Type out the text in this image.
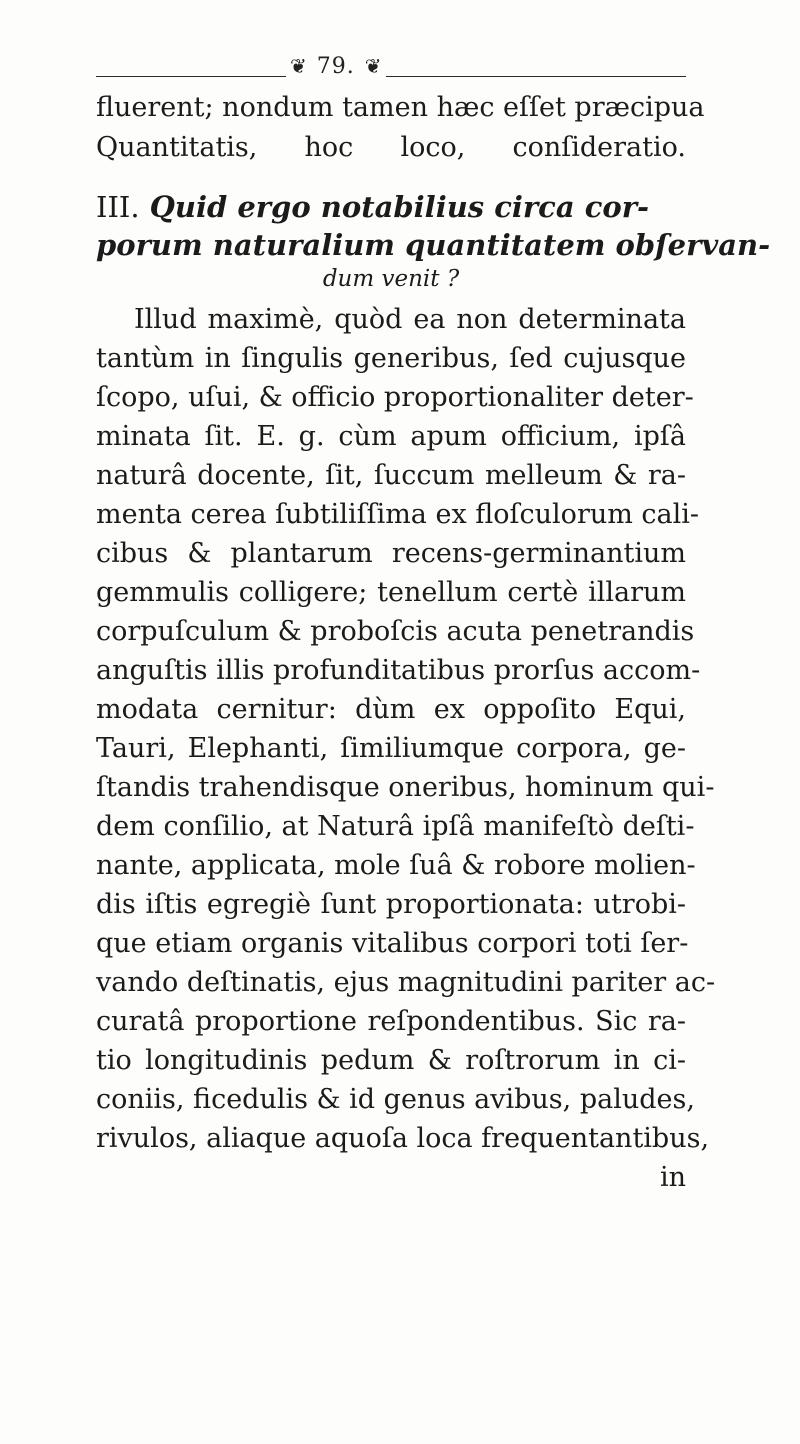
❦ 79. ❦
fluerent; nondum tamen hæc eſſet præcipua
Quantitatis, hoc loco, conſideratio.
III. Quid ergo notabilius circa cor-
porum naturalium quantitatem obſervan-
dum venit ?
Illud maximè, quòd ea non determinata
tantùm in ſingulis generibus, ſed cujusque
ſcopo, uſui, & officio proportionaliter deter-
minata ſit. E. g. cùm apum officium, ipſâ
naturâ docente, ſit, ſuccum melleum & ra-
menta cerea ſubtiliſſima ex floſculorum cali-
cibus & plantarum recens-germinantium
gemmulis colligere; tenellum certè illarum
corpuſculum & proboſcis acuta penetrandis
anguſtis illis profunditatibus prorſus accom-
modata cernitur: dùm ex oppoſito Equi,
Tauri, Elephanti, ſimiliumque corpora, ge-
ſtandis trahendisque oneribus, hominum qui-
dem conſilio, at Naturâ ipſâ manifeſtò deſti-
nante, applicata, mole ſuâ & robore molien-
dis iſtis egregiè ſunt proportionata: utrobi-
que etiam organis vitalibus corpori toti ſer-
vando deſtinatis, ejus magnitudini pariter ac-
curatâ proportione reſpondentibus. Sic ra-
tio longitudinis pedum & roſtrorum in ci-
coniis, ficedulis & id genus avibus, paludes,
rivulos, aliaque aquoſa loca frequentantibus,
in
